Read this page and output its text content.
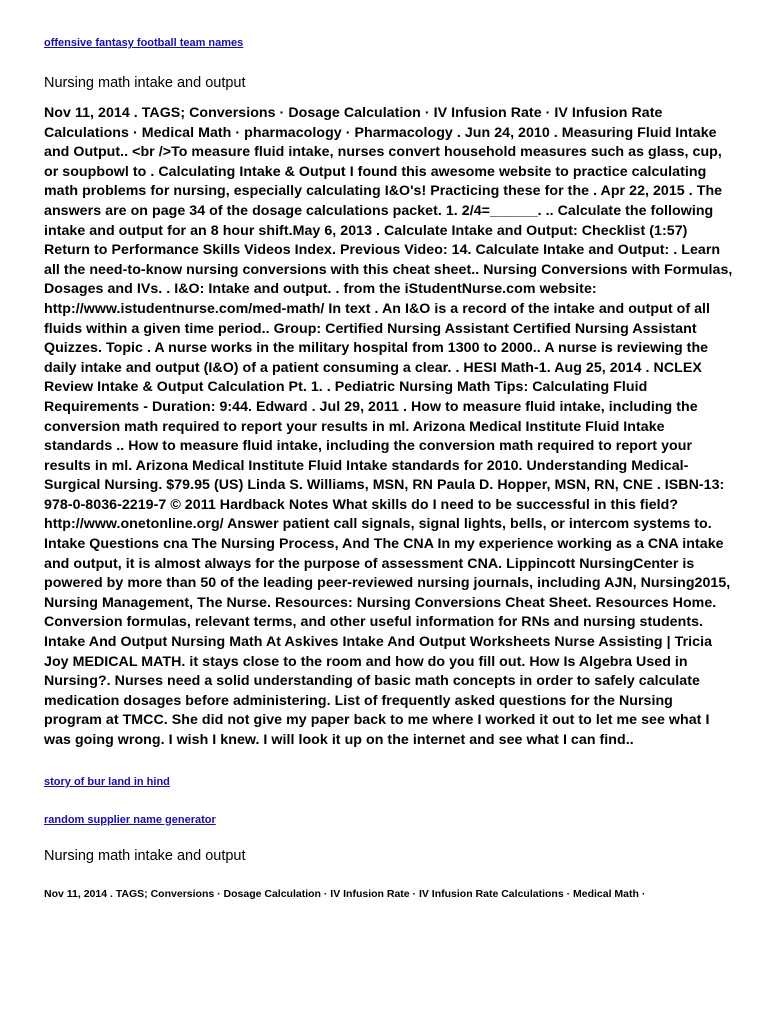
offensive fantasy football team names
Nursing math intake and output

Nov 11, 2014 . TAGS; Conversions · Dosage Calculation · IV Infusion Rate · IV Infusion Rate Calculations · Medical Math · pharmacology · Pharmacology . Jun 24, 2010 . Measuring Fluid Intake and Output.. <br />To measure fluid intake, nurses convert household measures such as glass, cup, or soupbowl to . Calculating Intake & Output I found this awesome website to practice calculating math problems for nursing, especially calculating I&O's! Practicing these for the . Apr 22, 2015 . The answers are on page 34 of the dosage calculations packet. 1. 2/4=______. .. Calculate the following intake and output for an 8 hour shift.May 6, 2013 . Calculate Intake and Output: Checklist (1:57) Return to Performance Skills Videos Index. Previous Video: 14. Calculate Intake and Output: . Learn all the need-to-know nursing conversions with this cheat sheet.. Nursing Conversions with Formulas, Dosages and IVs. . I&O: Intake and output. . from the iStudentNurse.com website: http://www.istudentnurse.com/med-math/ In text . An I&O is a record of the intake and output of all fluids within a given time period.. Group: Certified Nursing Assistant Certified Nursing Assistant Quizzes. Topic . A nurse works in the military hospital from 1300 to 2000.. A nurse is reviewing the daily intake and output (I&O) of a patient consuming a clear. . HESI Math-1. Aug 25, 2014 . NCLEX Review Intake & Output Calculation Pt. 1. . Pediatric Nursing Math Tips: Calculating Fluid Requirements - Duration: 9:44. Edward . Jul 29, 2011 . How to measure fluid intake, including the conversion math required to report your results in ml. Arizona Medical Institute Fluid Intake standards .. How to measure fluid intake, including the conversion math required to report your results in ml. Arizona Medical Institute Fluid Intake standards for 2010. Understanding Medical-Surgical Nursing. $79.95 (US) Linda S. Williams, MSN, RN Paula D. Hopper, MSN, RN, CNE . ISBN-13: 978-0-8036-2219-7 © 2011 Hardback Notes What skills do I need to be successful in this field? http://www.onetonline.org/ Answer patient call signals, signal lights, bells, or intercom systems to. Intake Questions cna The Nursing Process, And The CNA In my experience working as a CNA intake and output, it is almost always for the purpose of assessment CNA. Lippincott NursingCenter is powered by more than 50 of the leading peer-reviewed nursing journals, including AJN, Nursing2015, Nursing Management, The Nurse. Resources: Nursing Conversions Cheat Sheet. Resources Home. Conversion formulas, relevant terms, and other useful information for RNs and nursing students. Intake And Output Nursing Math At Askives Intake And Output Worksheets Nurse Assisting | Tricia Joy MEDICAL MATH. it stays close to the room and how do you fill out. How Is Algebra Used in Nursing?. Nurses need a solid understanding of basic math concepts in order to safely calculate medication dosages before administering. List of frequently asked questions for the Nursing program at TMCC. She did not give my paper back to me where I worked it out to let me see what I was going wrong. I wish I knew. I will look it up on the internet and see what I can find..

story of bur land in hind
random supplier name generator
Nursing math intake and output

Nov 11, 2014 . TAGS; Conversions · Dosage Calculation · IV Infusion Rate · IV Infusion Rate Calculations · Medical Math ·
